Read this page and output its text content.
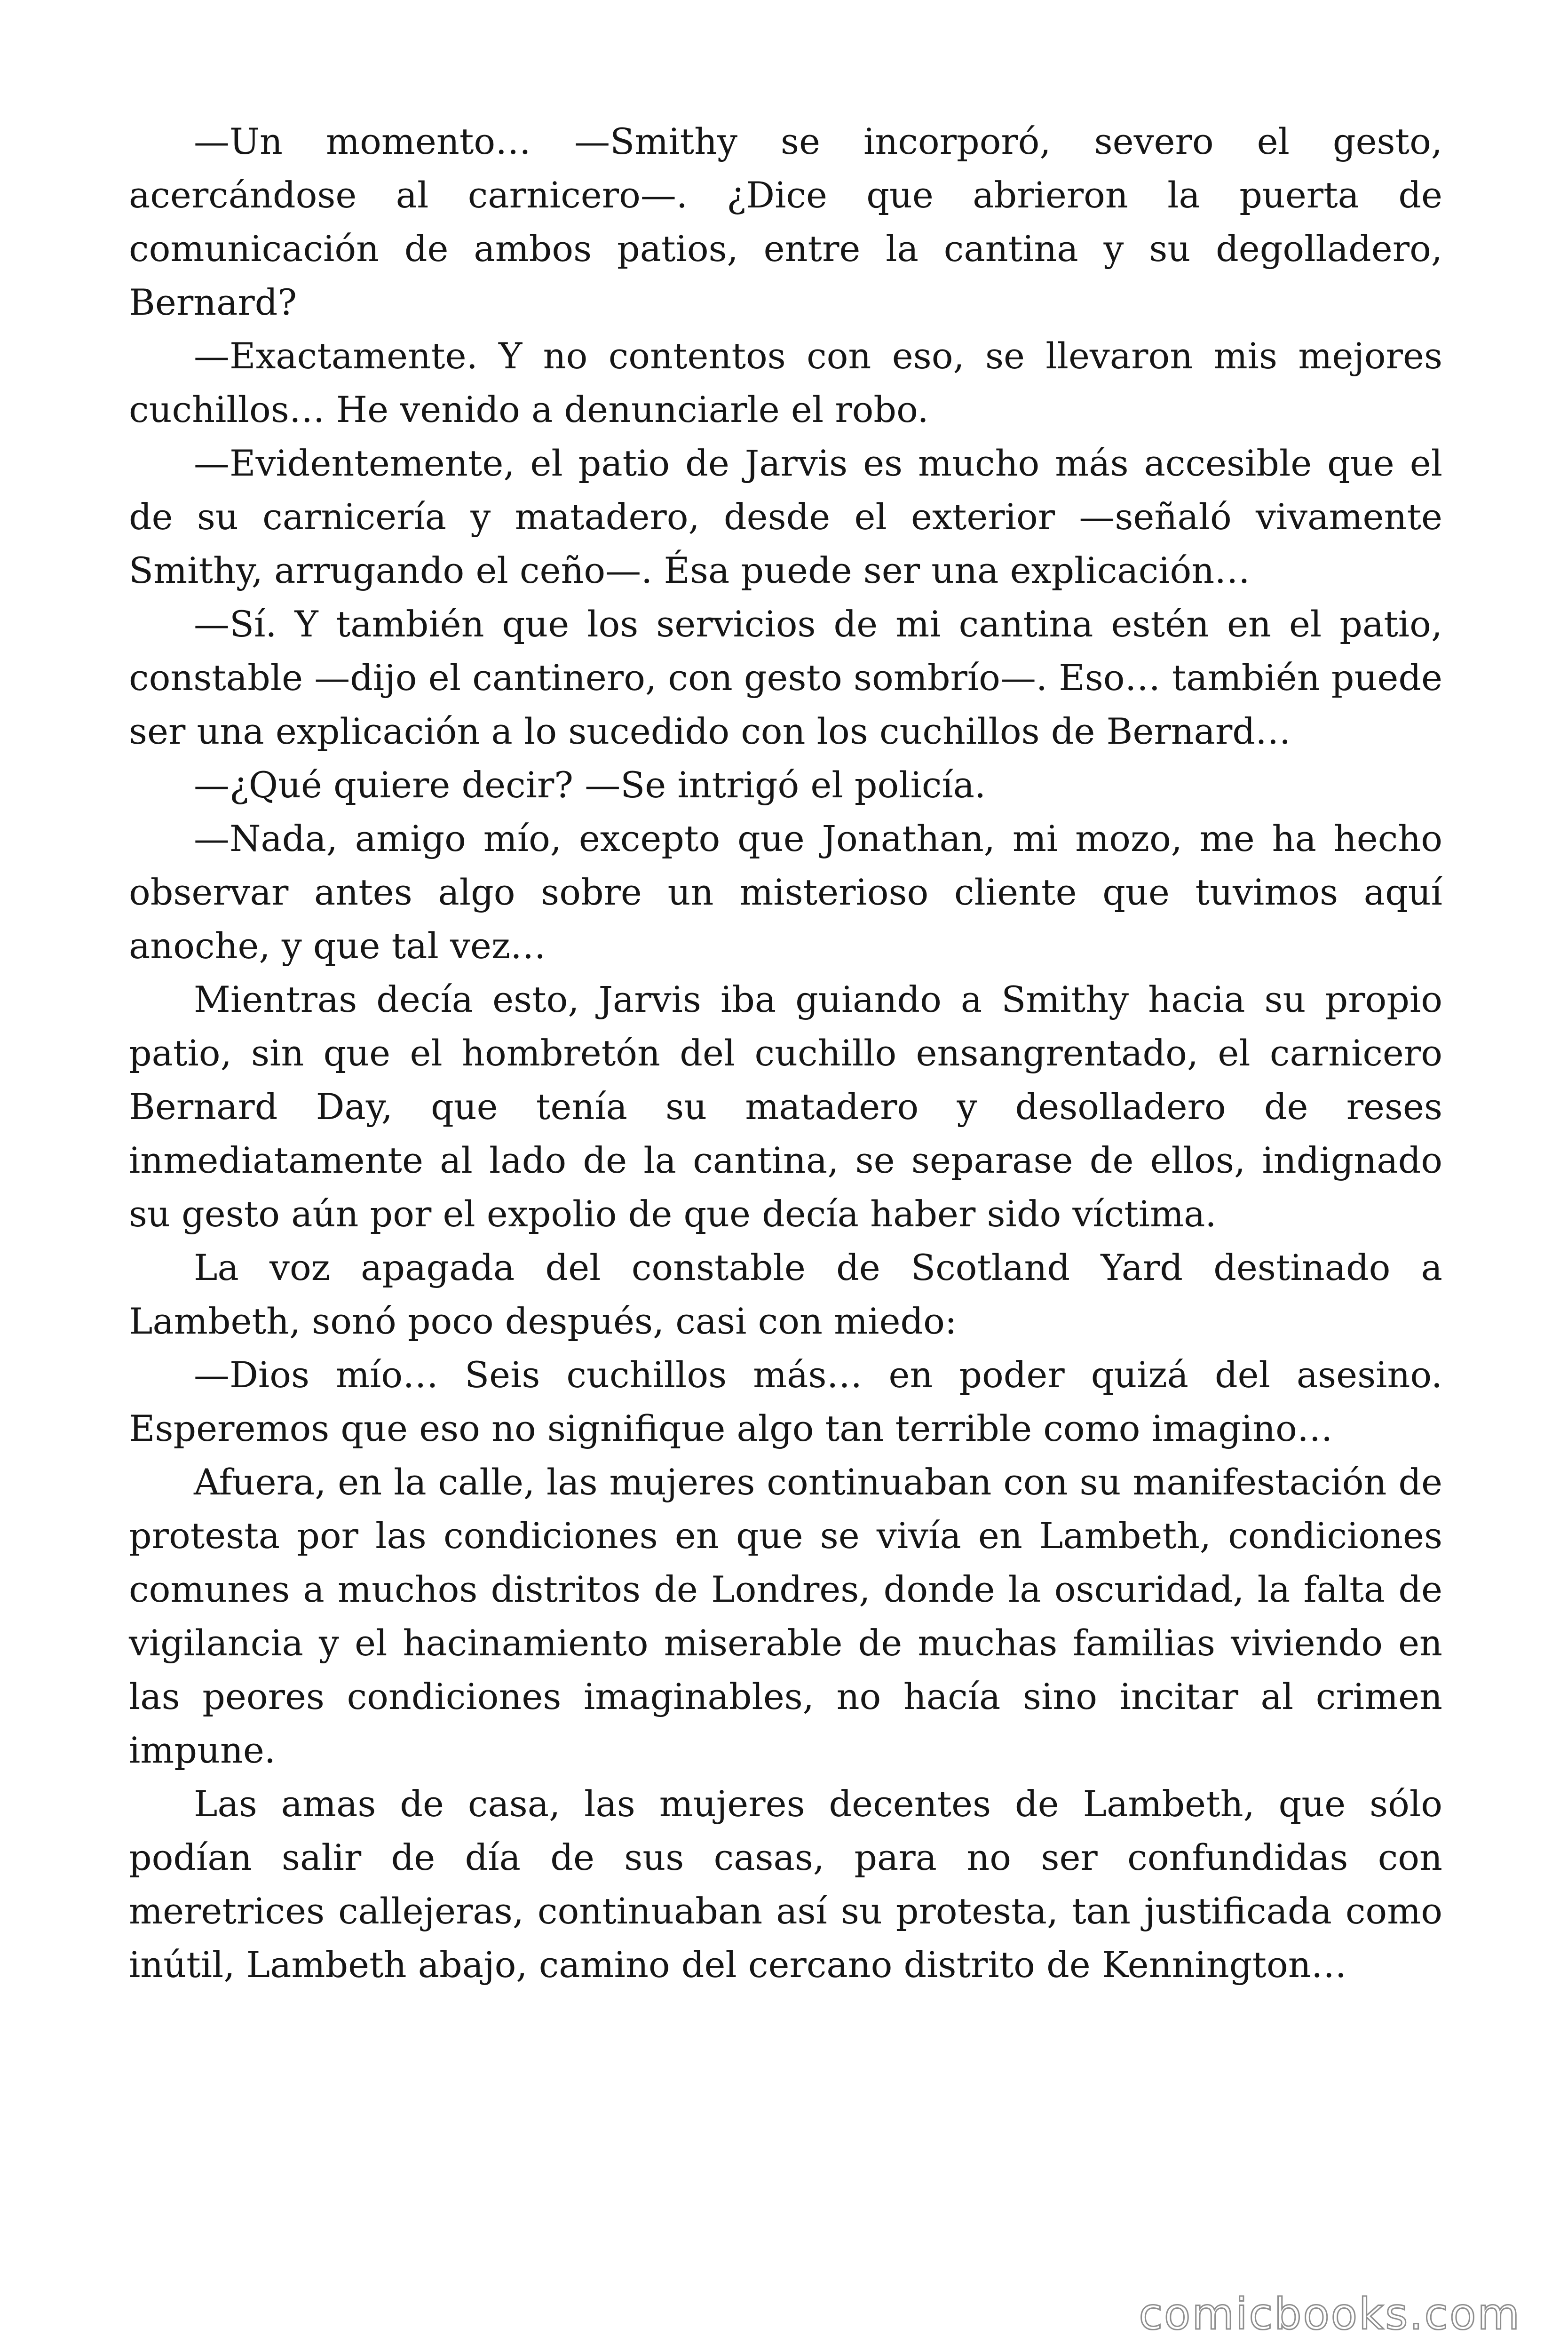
—Un momento… —Smithy se incorporó, severo el gesto, acercándose al carnicero—. ¿Dice que abrieron la puerta de comunicación de ambos patios, entre la cantina y su degolladero, Bernard?

—Exactamente. Y no contentos con eso, se llevaron mis mejores cuchillos… He venido a denunciarle el robo.

—Evidentemente, el patio de Jarvis es mucho más accesible que el de su carnicería y matadero, desde el exterior —señaló vivamente Smithy, arrugando el ceño—. Ésa puede ser una explicación…

—Sí. Y también que los servicios de mi cantina estén en el patio, constable —dijo el cantinero, con gesto sombrío—. Eso… también puede ser una explicación a lo sucedido con los cuchillos de Bernard…

—¿Qué quiere decir? —Se intrigó el policía.

—Nada, amigo mío, excepto que Jonathan, mi mozo, me ha hecho observar antes algo sobre un misterioso cliente que tuvimos aquí anoche, y que tal vez…

Mientras decía esto, Jarvis iba guiando a Smithy hacia su propio patio, sin que el hombretón del cuchillo ensangrentado, el carnicero Bernard Day, que tenía su matadero y desolladero de reses inmediatamente al lado de la cantina, se separase de ellos, indignado su gesto aún por el expolio de que decía haber sido víctima.

La voz apagada del constable de Scotland Yard destinado a Lambeth, sonó poco después, casi con miedo:

—Dios mío… Seis cuchillos más… en poder quizá del asesino. Esperemos que eso no signifique algo tan terrible como imagino…

Afuera, en la calle, las mujeres continuaban con su manifestación de protesta por las condiciones en que se vivía en Lambeth, condiciones comunes a muchos distritos de Londres, donde la oscuridad, la falta de vigilancia y el hacinamiento miserable de muchas familias viviendo en las peores condiciones imaginables, no hacía sino incitar al crimen impune.

Las amas de casa, las mujeres decentes de Lambeth, que sólo podían salir de día de sus casas, para no ser confundidas con meretrices callejeras, continuaban así su protesta, tan justificada como inútil, Lambeth abajo, camino del cercano distrito de Kennington…

comicbooks.com
